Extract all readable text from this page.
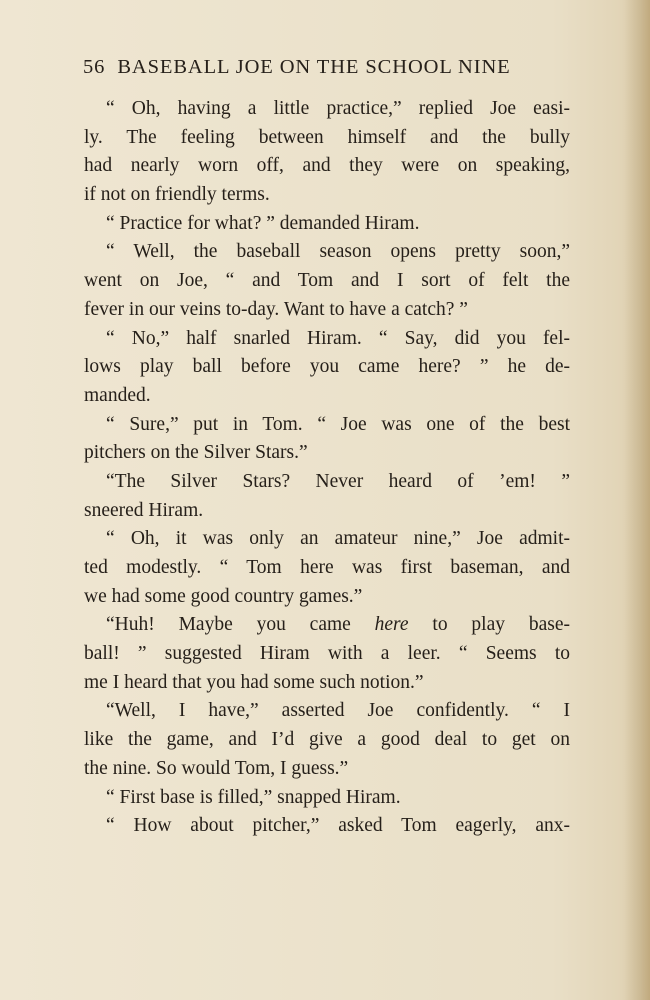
56 BASEBALL JOE ON THE SCHOOL NINE
“ Oh, having a little practice,” replied Joe easi-
ly. The feeling between himself and the bully
had nearly worn off, and they were on speaking,
if not on friendly terms.
“ Practice for what? ” demanded Hiram.
“ Well, the baseball season opens pretty soon,”
went on Joe, “ and Tom and I sort of felt the
fever in our veins to-day. Want to have a catch? ”
“ No,” half snarled Hiram. “ Say, did you fel-
lows play ball before you came here? ” he de-
manded.
“ Sure,” put in Tom. “ Joe was one of the best
pitchers on the Silver Stars.”
“The Silver Stars? Never heard of ’em! ”
sneered Hiram.
“ Oh, it was only an amateur nine,” Joe admit-
ted modestly. “ Tom here was first baseman, and
we had some good country games.”
“Huh! Maybe you came here to play base-
ball! ” suggested Hiram with a leer. “ Seems to
me I heard that you had some such notion.”
“Well, I have,” asserted Joe confidently. “ I
like the game, and I’d give a good deal to get on
the nine. So would Tom, I guess.”
“ First base is filled,” snapped Hiram.
“ How about pitcher,” asked Tom eagerly, anx-
